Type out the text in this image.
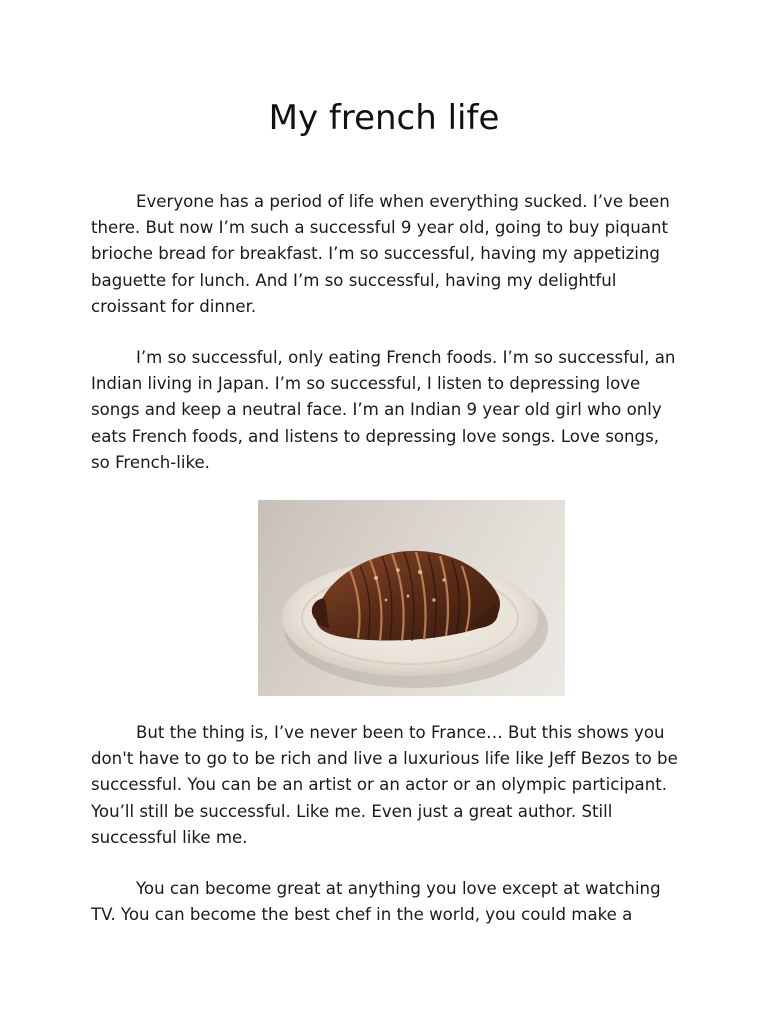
My french life

Everyone has a period of life when everything sucked. I’ve been there. But now I’m such a successful 9 year old, going to buy piquant brioche bread for breakfast. I’m so successful, having my appetizing baguette for lunch. And I’m so successful, having my delightful croissant for dinner.

I’m so successful, only eating French foods. I’m so successful, an Indian living in Japan. I’m so successful, I listen to depressing love songs and keep a neutral face. I’m an Indian 9 year old girl who only eats French foods, and listens to depressing love songs. Love songs, so French-like.

But the thing is, I’ve never been to France… But this shows you don't have to go to be rich and live a luxurious life like Jeff Bezos to be successful. You can be an artist or an actor or an olympic participant. You’ll still be successful. Like me. Even just a great author. Still successful like me.

You can become great at anything you love except at watching TV. You can become the best chef in the world, you could make a
